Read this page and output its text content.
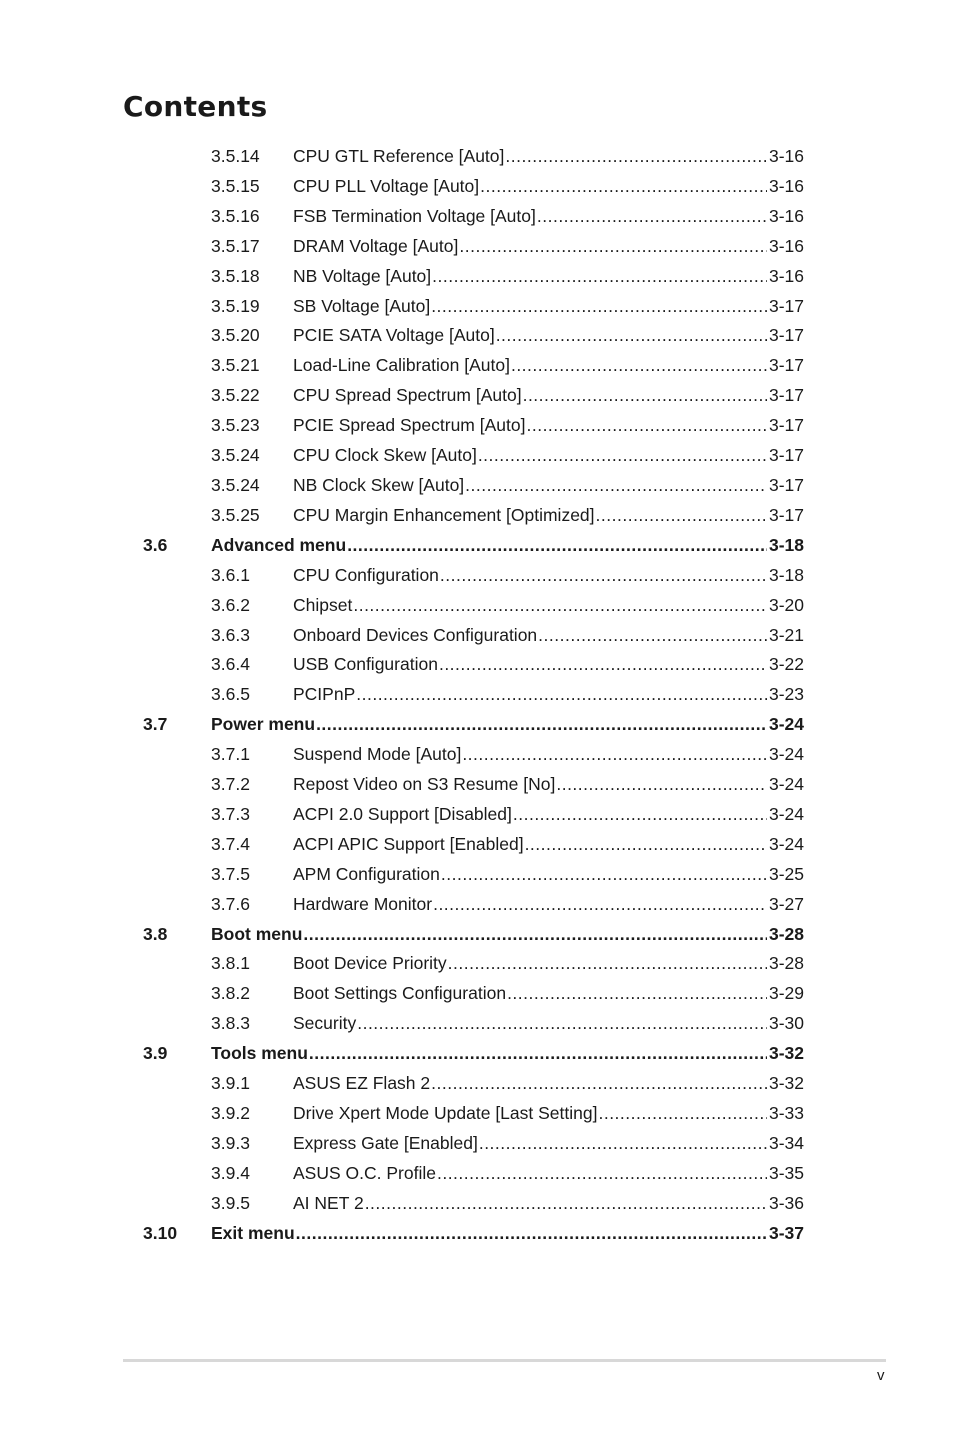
Contents
3.5.14 CPU GTL Reference [Auto] .....	3-16
3.5.15 CPU PLL Voltage [Auto] .....	3-16
3.5.16 FSB Termination Voltage [Auto] .....	3-16
3.5.17 DRAM Voltage [Auto] .....	3-16
3.5.18 NB Voltage [Auto] .....	3-16
3.5.19 SB Voltage [Auto] .....	3-17
3.5.20 PCIE SATA Voltage [Auto] .....	3-17
3.5.21 Load-Line Calibration [Auto] .....	3-17
3.5.22 CPU Spread Spectrum [Auto] .....	3-17
3.5.23 PCIE Spread Spectrum [Auto] .....	3-17
3.5.24 CPU Clock Skew [Auto] .....	3-17
3.5.24 NB Clock Skew [Auto] .....	3-17
3.5.25 CPU Margin Enhancement [Optimized] .....	3-17
3.6 Advanced menu .....	3-18
3.6.1 CPU Configuration .....	3-18
3.6.2 Chipset .....	3-20
3.6.3 Onboard Devices Configuration .....	3-21
3.6.4 USB Configuration .....	3-22
3.6.5 PCIPnP .....	3-23
3.7 Power menu .....	3-24
3.7.1 Suspend Mode [Auto] .....	3-24
3.7.2 Repost Video on S3 Resume [No] .....	3-24
3.7.3 ACPI 2.0 Support [Disabled] .....	3-24
3.7.4 ACPI APIC Support [Enabled] .....	3-24
3.7.5 APM Configuration .....	3-25
3.7.6 Hardware Monitor .....	3-27
3.8 Boot menu .....	3-28
3.8.1 Boot Device Priority .....	3-28
3.8.2 Boot Settings Configuration .....	3-29
3.8.3 Security .....	3-30
3.9 Tools menu .....	3-32
3.9.1 ASUS EZ Flash 2 .....	3-32
3.9.2 Drive Xpert Mode Update [Last Setting] .....	3-33
3.9.3 Express Gate [Enabled] .....	3-34
3.9.4 ASUS O.C. Profile .....	3-35
3.9.5 AI NET 2 .....	3-36
3.10 Exit menu .....	3-37
v
